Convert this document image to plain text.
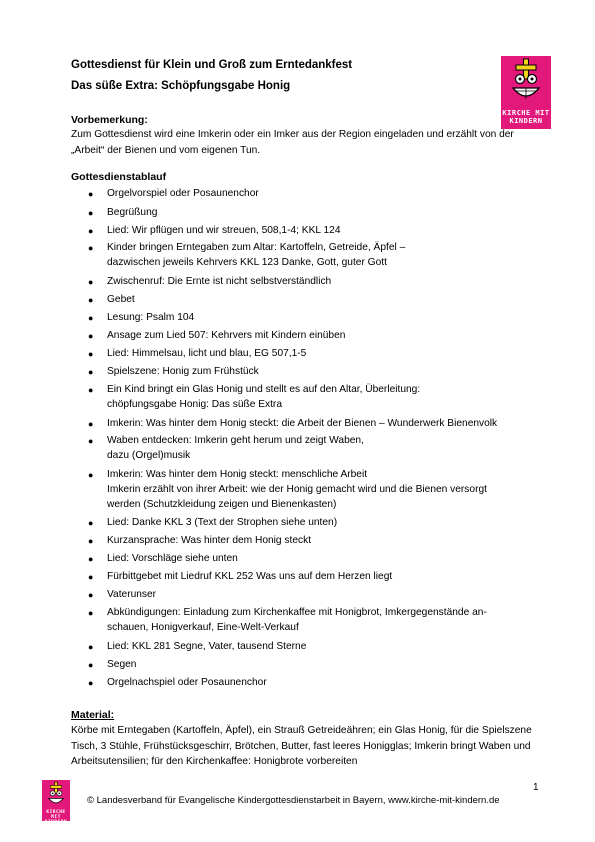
Gottesdienst für Klein und Groß zum Erntedankfest
Das süße Extra: Schöpfungsgabe Honig
KIRCHE MIT
KINDERN
Vorbemerkung:
Zum Gottesdienst wird eine Imkerin oder ein Imker aus der Region eingeladen und erzählt von der „Arbeit“ der Bienen und vom eigenen Tun.
Gottesdienstablauf
● Orgelvorspiel oder Posaunenchor
● Begrüßung
● Lied: Wir pflügen und wir streuen, 508,1-4; KKL 124
● Kinder bringen Erntegaben zum Altar: Kartoffeln, Getreide, Äpfel –
dazwischen jeweils Kehrvers KKL 123 Danke, Gott, guter Gott
● Zwischenruf: Die Ernte ist nicht selbstverständlich
● Gebet
● Lesung: Psalm 104
● Ansage zum Lied 507: Kehrvers mit Kindern einüben
● Lied: Himmelsau, licht und blau, EG 507,1-5
● Spielszene: Honig zum Frühstück
● Ein Kind bringt ein Glas Honig und stellt es auf den Altar, Überleitung:
chöpfungsgabe Honig: Das süße Extra
● Imkerin: Was hinter dem Honig steckt: die Arbeit der Bienen – Wunderwerk Bienenvolk
● Waben entdecken: Imkerin geht herum und zeigt Waben,
dazu (Orgel)musik
● Imkerin: Was hinter dem Honig steckt: menschliche Arbeit
Imkerin erzählt von ihrer Arbeit: wie der Honig gemacht wird und die Bienen versorgt
werden (Schutzkleidung zeigen und Bienenkasten)
● Lied: Danke KKL 3 (Text der Strophen siehe unten)
● Kurzansprache: Was hinter dem Honig steckt
● Lied: Vorschläge siehe unten
● Fürbittgebet mit Liedruf KKL 252 Was uns auf dem Herzen liegt
● Vaterunser
● Abkündigungen: Einladung zum Kirchenkaffee mit Honigbrot, Imkergegenstände an-
schauen, Honigverkauf, Eine-Welt-Verkauf
● Lied: KKL 281 Segne, Vater, tausend Sterne
● Segen
● Orgelnachspiel oder Posaunenchor
Material:
Körbe mit Erntegaben (Kartoffeln, Äpfel), ein Strauß Getreideähren; ein Glas Honig, für die Spielszene Tisch, 3 Stühle, Frühstücksgeschirr, Brötchen, Butter, fast leeres Honigglas; Imkerin bringt Waben und Arbeitsutensilien; für den Kirchenkaffee: Honigbrote vorbereiten
1
KIRCHE MIT
KINDERN
© Landesverband für Evangelische Kindergottesdienstarbeit in Bayern, www.kirche-mit-kindern.de
